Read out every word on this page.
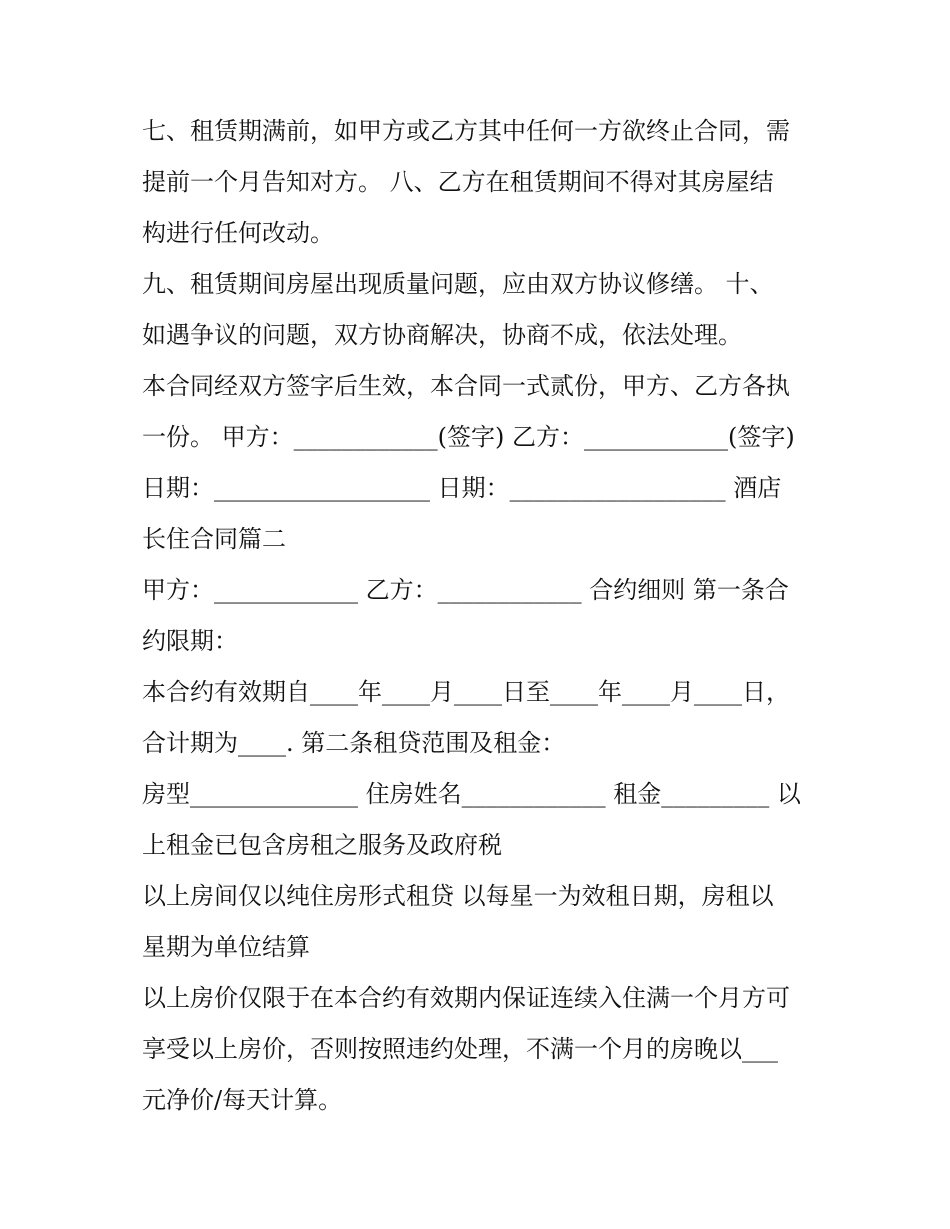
七、租赁期满前，如甲方或乙方其中任何一方欲终止合同，需
提前一个月告知对方。 八、乙方在租赁期间不得对其房屋结
构进行任何改动。
九、租赁期间房屋出现质量问题，应由双方协议修缮。 十、
如遇争议的问题，双方协商解决，协商不成，依法处理。
本合同经双方签字后生效，本合同一式贰份，甲方、乙方各执
一份。 甲方：____________(签字) 乙方：____________(签字)
日期：__________________ 日期：__________________ 酒店
长住合同篇二
甲方：____________ 乙方：____________ 合约细则 第一条合
约限期：
本合约有效期自____年____月____日至____年____月____日，
合计期为____. 第二条租贷范围及租金：
房型______________ 住房姓名____________ 租金_________ 以
上租金已包含房租之服务及政府税
以上房间仅以纯住房形式租贷 以每星一为效租日期，房租以
星期为单位结算
以上房价仅限于在本合约有效期内保证连续入住满一个月方可
享受以上房价，否则按照违约处理，不满一个月的房晚以___
元净价/每天计算。
